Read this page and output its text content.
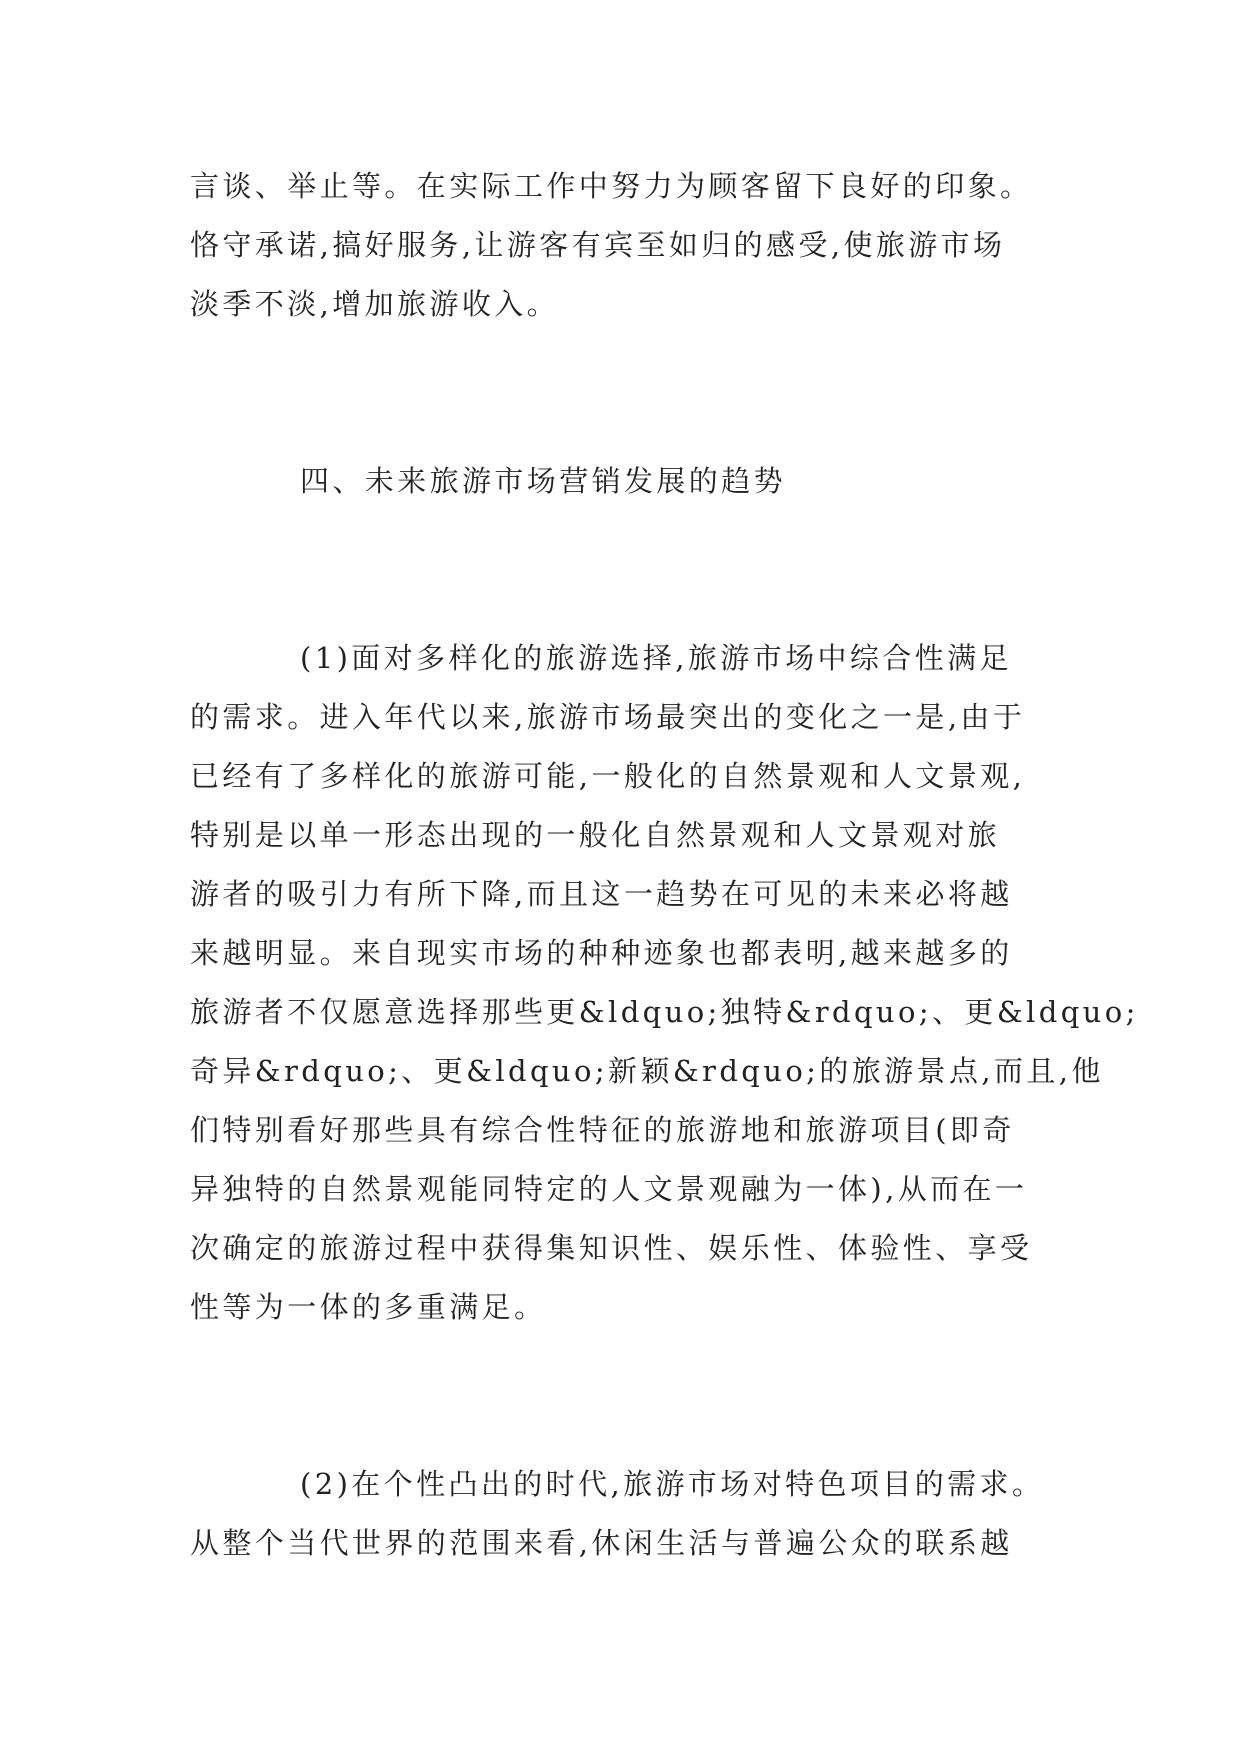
言谈、举止等。在实际工作中努力为顾客留下良好的印象。
恪守承诺,搞好服务,让游客有宾至如归的感受,使旅游市场
淡季不淡,增加旅游收入。
四、未来旅游市场营销发展的趋势
(1)面对多样化的旅游选择,旅游市场中综合性满足
的需求。进入年代以来,旅游市场最突出的变化之一是,由于
已经有了多样化的旅游可能,一般化的自然景观和人文景观,
特别是以单一形态出现的一般化自然景观和人文景观对旅
游者的吸引力有所下降,而且这一趋势在可见的未来必将越
来越明显。来自现实市场的种种迹象也都表明,越来越多的
旅游者不仅愿意选择那些更&ldquo;独特&rdquo;、更&ldquo;
奇异&rdquo;、更&ldquo;新颖&rdquo;的旅游景点,而且,他
们特别看好那些具有综合性特征的旅游地和旅游项目(即奇
异独特的自然景观能同特定的人文景观融为一体),从而在一
次确定的旅游过程中获得集知识性、娱乐性、体验性、享受
性等为一体的多重满足。
(2)在个性凸出的时代,旅游市场对特色项目的需求。
从整个当代世界的范围来看,休闲生活与普遍公众的联系越
